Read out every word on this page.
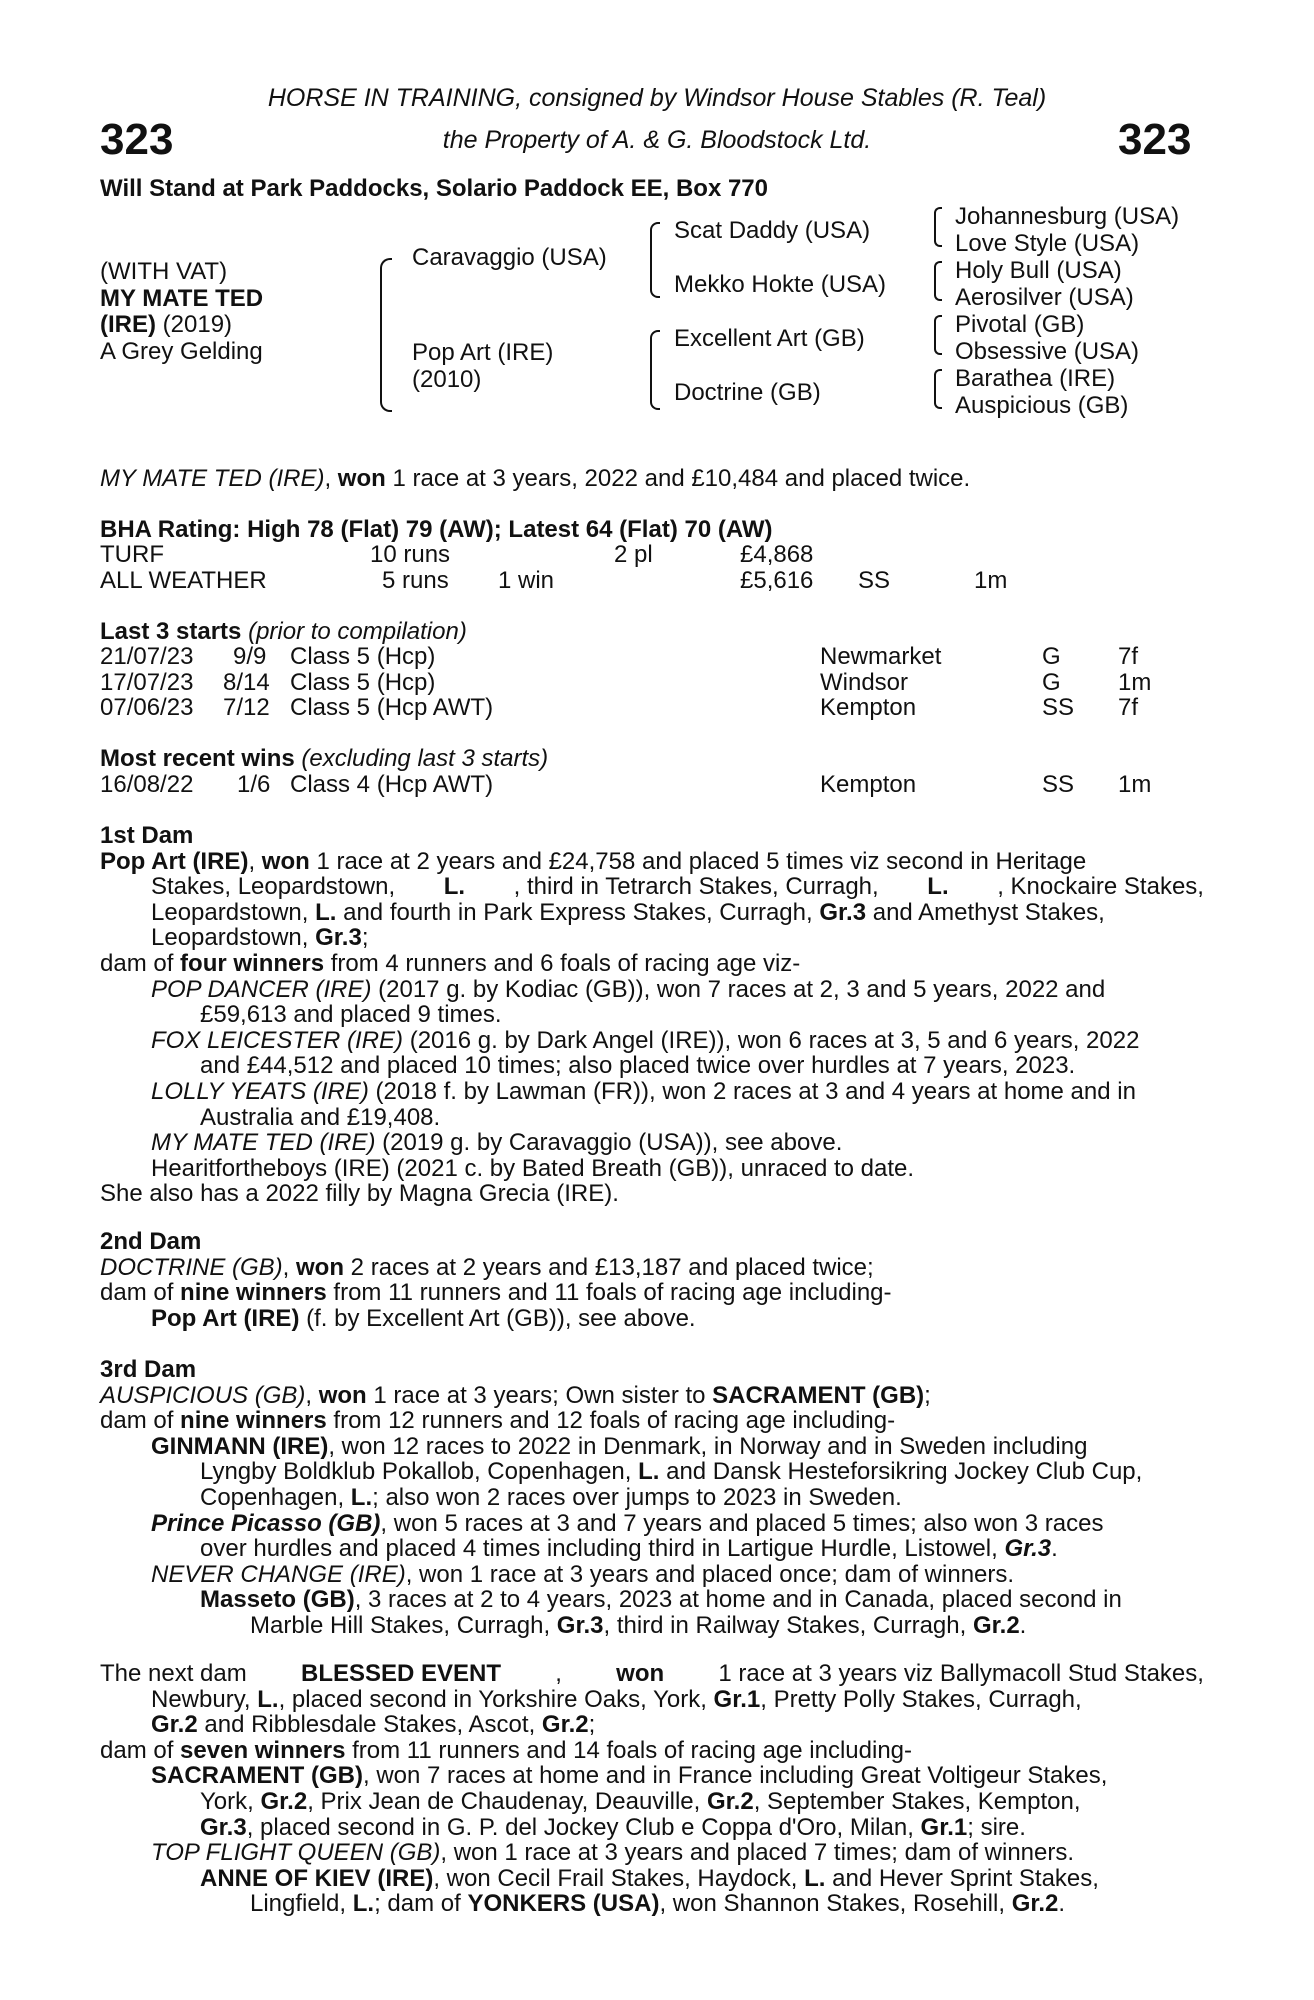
HORSE IN TRAINING, consigned by Windsor House Stables (R. Teal)
the Property of A. & G. Bloodstock Ltd.
323	323
Will Stand at Park Paddocks, Solario Paddock EE, Box 770
(WITH VAT)
MY MATE TED
(IRE) (2019)
A Grey Gelding
Caravaggio (USA)
Pop Art (IRE)
(2010)
Scat Daddy (USA)
Mekko Hokte (USA)
Excellent Art (GB)
Doctrine (GB)
Johannesburg (USA)
Love Style (USA)
Holy Bull (USA)
Aerosilver (USA)
Pivotal (GB)
Obsessive (USA)
Barathea (IRE)
Auspicious (GB)
MY MATE TED (IRE), won 1 race at 3 years, 2022 and £10,484 and placed twice.
BHA Rating: High 78 (Flat) 79 (AW); Latest 64 (Flat) 70 (AW)
TURF	10 runs	2 pl	£4,868
ALL WEATHER	5 runs 1 win	£5,616 SS	1m
Last 3 starts (prior to compilation)
21/07/23 9/9 Class 5 (Hcp)	Newmarket	G 7f
17/07/23 8/14 Class 5 (Hcp)	Windsor	G 1m
07/06/23 7/12 Class 5 (Hcp AWT)	Kempton	SS 7f
Most recent wins (excluding last 3 starts)
16/08/22 1/6 Class 4 (Hcp AWT)	Kempton	SS 1m
1st Dam
Pop Art (IRE), won 1 race at 2 years and £24,758 and placed 5 times viz second in Heritage
Stakes, Leopardstown, L. , third in Tetrarch Stakes, Curragh, L. , Knockaire Stakes,
Leopardstown, L. and fourth in Park Express Stakes, Curragh, Gr.3 and Amethyst Stakes,
Leopardstown, Gr.3;
dam of four winners from 4 runners and 6 foals of racing age viz-
POP DANCER (IRE) (2017 g. by Kodiac (GB)), won 7 races at 2, 3 and 5 years, 2022 and
£59,613 and placed 9 times.
FOX LEICESTER (IRE) (2016 g. by Dark Angel (IRE)), won 6 races at 3, 5 and 6 years, 2022
and £44,512 and placed 10 times; also placed twice over hurdles at 7 years, 2023.
LOLLY YEATS (IRE) (2018 f. by Lawman (FR)), won 2 races at 3 and 4 years at home and in
Australia and £19,408.
MY MATE TED (IRE) (2019 g. by Caravaggio (USA)), see above.
Hearitfortheboys (IRE) (2021 c. by Bated Breath (GB)), unraced to date.
She also has a 2022 filly by Magna Grecia (IRE).
2nd Dam
DOCTRINE (GB), won 2 races at 2 years and £13,187 and placed twice;
dam of nine winners from 11 runners and 11 foals of racing age including-
Pop Art (IRE) (f. by Excellent Art (GB)), see above.
3rd Dam
AUSPICIOUS (GB), won 1 race at 3 years; Own sister to SACRAMENT (GB);
dam of nine winners from 12 runners and 12 foals of racing age including-
GINMANN (IRE), won 12 races to 2022 in Denmark, in Norway and in Sweden including
Lyngby Boldklub Pokallob, Copenhagen, L. and Dansk Hesteforsikring Jockey Club Cup,
Copenhagen, L.; also won 2 races over jumps to 2023 in Sweden.
Prince Picasso (GB), won 5 races at 3 and 7 years and placed 5 times; also won 3 races
over hurdles and placed 4 times including third in Lartigue Hurdle, Listowel, Gr.3.
NEVER CHANGE (IRE), won 1 race at 3 years and placed once; dam of winners.
Masseto (GB), 3 races at 2 to 4 years, 2023 at home and in Canada, placed second in
Marble Hill Stakes, Curragh, Gr.3, third in Railway Stakes, Curragh, Gr.2.
The next dam BLESSED EVENT , won 1 race at 3 years viz Ballymacoll Stud Stakes,
Newbury, L., placed second in Yorkshire Oaks, York, Gr.1, Pretty Polly Stakes, Curragh,
Gr.2 and Ribblesdale Stakes, Ascot, Gr.2;
dam of seven winners from 11 runners and 14 foals of racing age including-
SACRAMENT (GB), won 7 races at home and in France including Great Voltigeur Stakes,
York, Gr.2, Prix Jean de Chaudenay, Deauville, Gr.2, September Stakes, Kempton,
Gr.3, placed second in G. P. del Jockey Club e Coppa d'Oro, Milan, Gr.1; sire.
TOP FLIGHT QUEEN (GB), won 1 race at 3 years and placed 7 times; dam of winners.
ANNE OF KIEV (IRE), won Cecil Frail Stakes, Haydock, L. and Hever Sprint Stakes,
Lingfield, L.; dam of YONKERS (USA), won Shannon Stakes, Rosehill, Gr.2.
